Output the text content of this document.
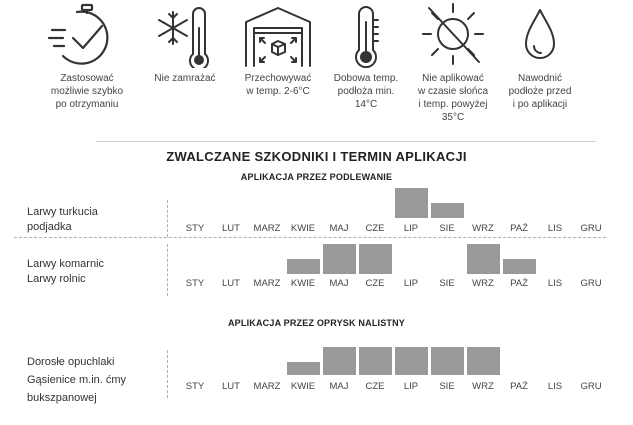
Zastosować
możliwie szybko
po otrzymaniu
Nie zamrażać	Przechowywać
w temp. 2-6°C
Dobowa temp.
podłoża min.
14°C
Nie aplikować
w czasie słońca
i temp. powyżej
35°C
Nawodnić
podłoże przed
i po aplikacji
ZWALCZANE SZKODNIKI I TERMIN APLIKACJI
APLIKACJA PRZEZ PODLEWANIE
Larwy turkucia
podjadka
Larwy komarnic
Larwy rolnic
APLIKACJA PRZEZ OPRYSK NALISTNY
Dorosłe opuchlaki
Gąsienice m.in. ćmy
bukszpanowej
STY	LUT	MARZ	KWIE	MAJ	CZE	LIP	SIE	WRZ	PAŹ	LIS	GRU
STY	LUT	MARZ	KWIE	MAJ	CZE	LIP	SIE	WRZ	PAŹ	LIS	GRU
STY	LUT	MARZ	KWIE	MAJ	CZE	LIP	SIE	WRZ	PAŹ	LIS	GRU
